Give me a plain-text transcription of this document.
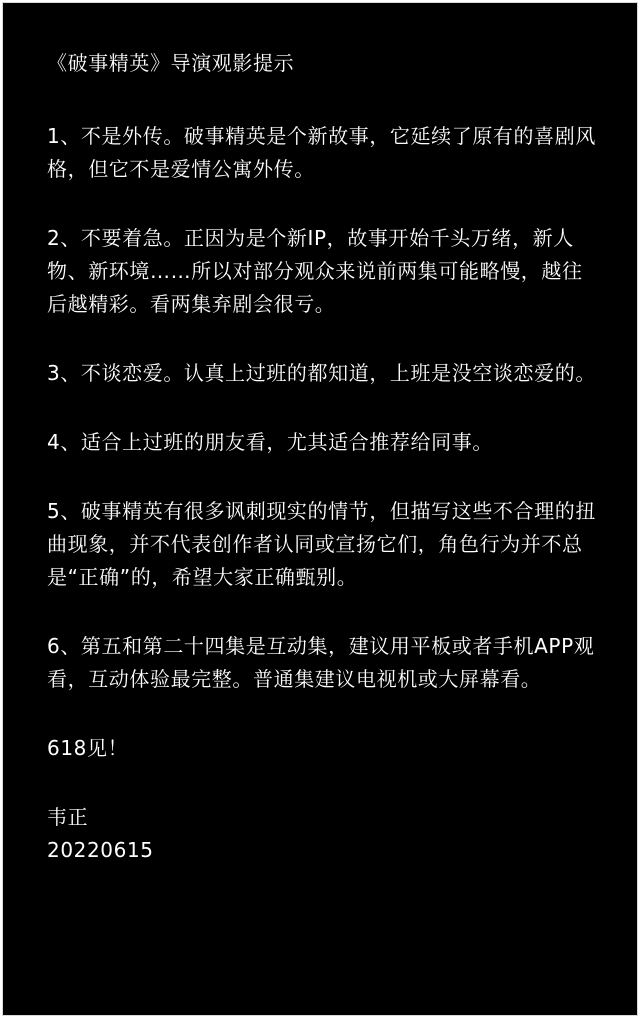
《破事精英》导演观影提示
1、不是外传。破事精英是个新故事，它延续了原有的喜剧风格，但它不是爱情公寓外传。
2、不要着急。正因为是个新IP，故事开始千头万绪，新人物、新环境……所以对部分观众来说前两集可能略慢，越往后越精彩。看两集弃剧会很亏。
3、不谈恋爱。认真上过班的都知道，上班是没空谈恋爱的。
4、适合上过班的朋友看，尤其适合推荐给同事。
5、破事精英有很多讽刺现实的情节，但描写这些不合理的扭曲现象，并不代表创作者认同或宣扬它们，角色行为并不总是“正确”的，希望大家正确甄别。
6、第五和第二十四集是互动集，建议用平板或者手机APP观看，互动体验最完整。普通集建议电视机或大屏幕看。
618见！
韦正
20220615
